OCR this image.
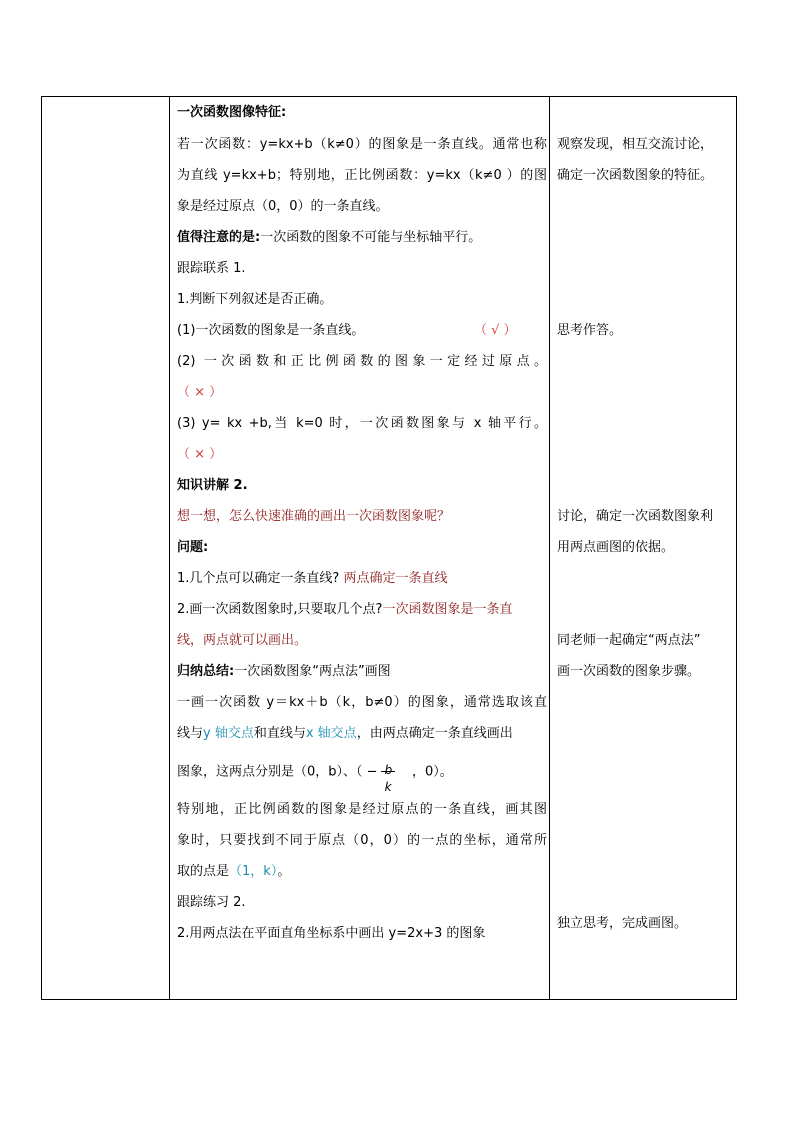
一次函数图像特征:
若一次函数：y=kx+b（k≠0）的图象是一条直线。通常也称
为直线 y=kx+b；特别地，正比例函数：y=kx（k≠0 ）的图
象是经过原点（0，0）的一条直线。
值得注意的是:一次函数的图象不可能与坐标轴平行。
跟踪联系 1.
1.判断下列叙述是否正确。
(1)一次函数的图象是一条直线。	（ √ ）
(2) 一次函数和正比例函数的图象一定经过原点。
（ × ）
(3) y= kx +b,当 k=0 时，一次函数图象与 x 轴平行。
（ × ）
知识讲解 2.
想一想，怎么快速准确的画出一次函数图象呢？
问题:
1.几个点可以确定一条直线? 两点确定一条直线
2.画一次函数图象时,只要取几个点?一次函数图象是一条直
线，两点就可以画出。
归纳总结:一次函数图象“两点法”画图
一画一次函数 y＝kx＋b（k，b≠0）的图象，通常选取该直
线与y 轴交点和直线与x 轴交点，由两点确定一条直线画出
图象，这两点分别是（0，b）、（ − b
k
，0）。
特别地，正比例函数的图象是经过原点的一条直线，画其图
象时，只要找到不同于原点（0，0）的一点的坐标，通常所
取的点是（1，k）。
跟踪练习 2.
2.用两点法在平面直角坐标系中画出 y=2x+3 的图象
观察发现，相互交流讨论，
确定一次函数图象的特征。
思考作答。
讨论，确定一次函数图象利
用两点画图的依据。
同老师一起确定“两点法”
画一次函数的图象步骤。
独立思考，完成画图。
